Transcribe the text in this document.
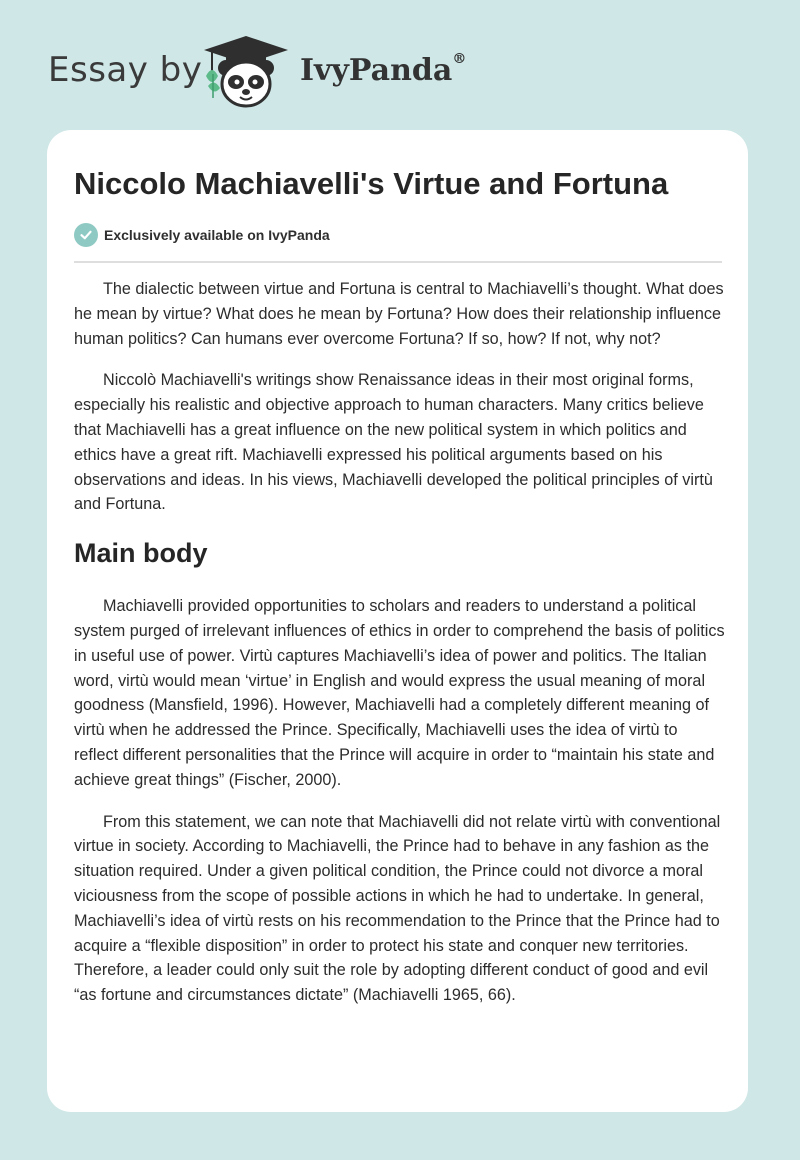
Essay by	IvyPanda®
Niccolo Machiavelli's Virtue and Fortuna
Exclusively available on IvyPanda

The dialectic between virtue and Fortuna is central to Machiavelli’s thought. What does he mean by virtue? What does he mean by Fortuna? How does their relationship influence human politics? Can humans ever overcome Fortuna? If so, how? If not, why not?

Niccolò Machiavelli's writings show Renaissance ideas in their most original forms, especially his realistic and objective approach to human characters. Many critics believe that Machiavelli has a great influence on the new political system in which politics and ethics have a great rift. Machiavelli expressed his political arguments based on his observations and ideas. In his views, Machiavelli developed the political principles of virtù and Fortuna.

Main body

Machiavelli provided opportunities to scholars and readers to understand a political system purged of irrelevant influences of ethics in order to comprehend the basis of politics in useful use of power. Virtù captures Machiavelli’s idea of power and politics. The Italian word, virtù would mean ‘virtue’ in English and would express the usual meaning of moral goodness (Mansfield, 1996). However, Machiavelli had a completely different meaning of virtù when he addressed the Prince. Specifically, Machiavelli uses the idea of virtù to reflect different personalities that the Prince will acquire in order to “maintain his state and achieve great things” (Fischer, 2000).

From this statement, we can note that Machiavelli did not relate virtù with conventional virtue in society. According to Machiavelli, the Prince had to behave in any fashion as the situation required. Under a given political condition, the Prince could not divorce a moral viciousness from the scope of possible actions in which he had to undertake. In general, Machiavelli’s idea of virtù rests on his recommendation to the Prince that the Prince had to acquire a “flexible disposition” in order to protect his state and conquer new territories. Therefore, a leader could only suit the role by adopting different conduct of good and evil “as fortune and circumstances dictate” (Machiavelli 1965, 66).
